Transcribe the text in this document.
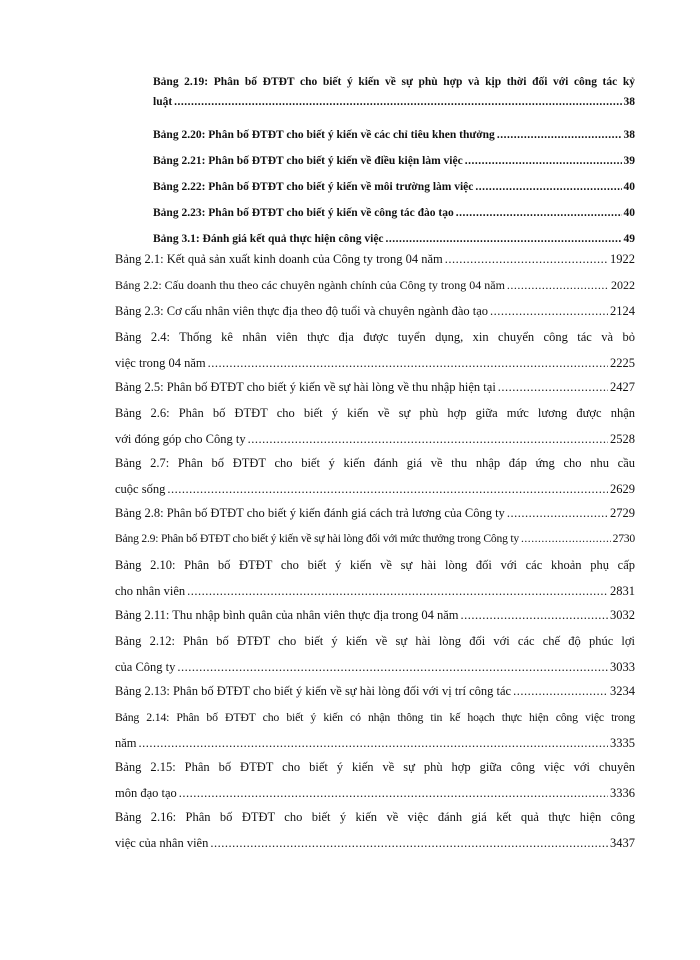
Bảng 2.19: Phân bố ĐTĐT cho biết ý kiến về sự phù hợp và kịp thời đối với công tác kỷ
luật .....	38
Bảng 2.20: Phân bố ĐTĐT cho biết ý kiến về các chỉ tiêu khen thưởng .....	38
Bảng 2.21: Phân bố ĐTĐT cho biết ý kiến về điều kiện làm việc .....	39
Bảng 2.22: Phân bố ĐTĐT cho biết ý kiến về môi trường làm việc .....	40
Bảng 2.23: Phân bố ĐTĐT cho biết ý kiến về công tác đào tạo .....	40
Bảng 3.1: Đánh giá kết quả thực hiện công việc .....	49
Bảng 2.1: Kết quả sản xuất kinh doanh của Công ty trong 04 năm .....	1922
Bảng 2.2: Cấu doanh thu theo các chuyên ngành chính của Công ty trong 04 năm .....	2022
Bảng 2.3: Cơ cấu nhân viên thực địa theo độ tuổi và chuyên ngành đào tạo .....	2124
Bảng 2.4: Thống kê nhân viên thực địa được tuyển dụng, xin chuyển công tác và bỏ
việc trong 04 năm .....	2225
Bảng 2.5: Phân bố ĐTĐT cho biết ý kiến về sự hài lòng về thu nhập hiện tại .....	2427
Bảng 2.6: Phân bố ĐTĐT cho biết ý kiến về sự phù hợp giữa mức lương được nhận
với đóng góp cho Công ty .....	2528
Bảng 2.7: Phân bố ĐTĐT cho biết ý kiến đánh giá về thu nhập đáp ứng cho nhu cầu
cuộc sống .....	2629
Bảng 2.8: Phân bố ĐTĐT cho biết ý kiến đánh giá cách trả lương của Công ty .....	2729
Bảng 2.9: Phân bố ĐTĐT cho biết ý kiến về sự hài lòng đối với mức thưởng trong Công ty .....	2730
Bảng 2.10: Phân bố ĐTĐT cho biết ý kiến về sự hài lòng đối với các khoản phụ cấp
cho nhân viên .....	2831
Bảng 2.11: Thu nhập bình quân của nhân viên thực địa trong 04 năm .....	3032
Bảng 2.12: Phân bố ĐTĐT cho biết ý kiến về sự hài lòng đối với các chế độ phúc lợi
của Công ty .....	3033
Bảng 2.13: Phân bố ĐTĐT cho biết ý kiến về sự hài lòng đối với vị trí công tác .....	3234
Bảng 2.14: Phân bố ĐTĐT cho biết ý kiến có nhận thông tin kế hoạch thực hiện công việc trong
năm .....	3335
Bảng 2.15: Phân bố ĐTĐT cho biết ý kiến về sự phù hợp giữa công việc với chuyên
môn đạo tạo .....	3336
Bảng 2.16: Phân bố ĐTĐT cho biết ý kiến về việc đánh giá kết quả thực hiện công
việc của nhân viên .....	3437
